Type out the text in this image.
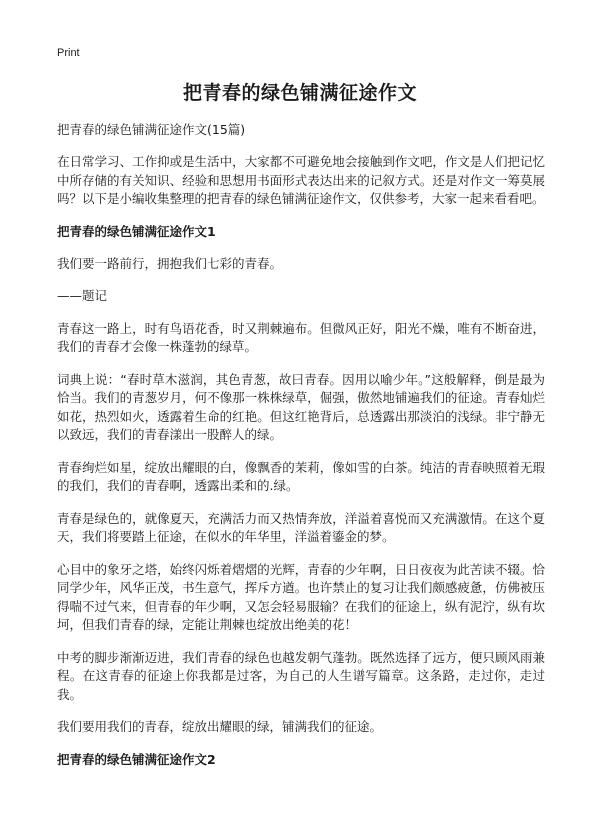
Print
把青春的绿色铺满征途作文
把青春的绿色铺满征途作文(15篇)

在日常学习、工作抑或是生活中，大家都不可避免地会接触到作文吧，作文是人们把记忆中所存储的有关知识、经验和思想用书面形式表达出来的记叙方式。还是对作文一筹莫展吗？以下是小编收集整理的把青春的绿色铺满征途作文，仅供参考，大家一起来看看吧。

把青春的绿色铺满征途作文1

我们要一路前行，拥抱我们七彩的青春。

——题记

青春这一路上，时有鸟语花香，时又荆棘遍布。但微风正好，阳光不燥，唯有不断奋进，我们的青春才会像一株蓬勃的绿草。

词典上说：“春时草木滋润，其色青葱，故曰青春。因用以喻少年。”这般解释，倒是最为恰当。我们的青葱岁月，何不像那一株株绿草，倔强，傲然地铺遍我们的征途。青春灿烂如花，热烈如火，透露着生命的红艳。但这红艳背后，总透露出那淡泊的浅绿。非宁静无以致远，我们的青春漾出一股醉人的绿。

青春绚烂如星，绽放出耀眼的白，像飘香的茉莉，像如雪的白茶。纯洁的青春映照着无瑕的我们，我们的青春啊，透露出柔和的.绿。

青春是绿色的，就像夏天，充满活力而又热情奔放，洋溢着喜悦而又充满激情。在这个夏天，我们将要踏上征途，在似水的年华里，洋溢着鎏金的梦。

心目中的象牙之塔，始终闪烁着熠熠的光辉，青春的少年啊，日日夜夜为此苦读不辍。恰同学少年，风华正茂，书生意气，挥斥方遒。也许禁止的复习让我们颇感疲惫，仿佛被压得喘不过气来，但青春的年少啊，又怎会轻易服输？在我们的征途上，纵有泥泞，纵有坎坷，但我们青春的绿，定能让荆棘也绽放出绝美的花！

中考的脚步渐渐迈进，我们青春的绿色也越发朝气蓬勃。既然选择了远方，便只顾风雨兼程。在这青春的征途上你我都是过客，为自己的人生谱写篇章。这条路，走过你，走过我。

我们要用我们的青春，绽放出耀眼的绿，铺满我们的征途。

把青春的绿色铺满征途作文2
